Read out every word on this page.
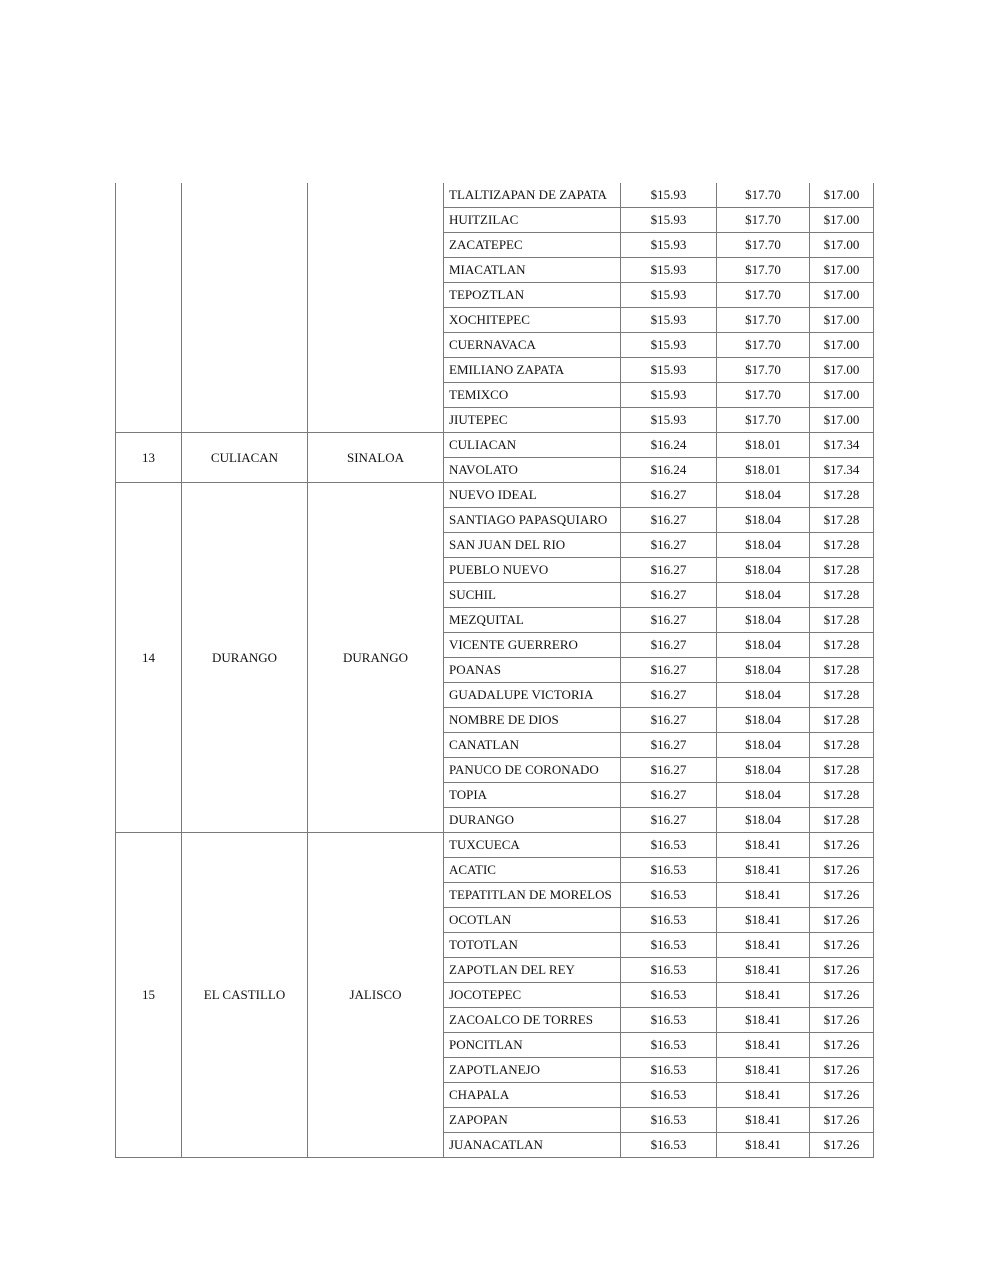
			TLALTIZAPAN DE ZAPATA	$15.93	$17.70	$17.00
			HUITZILAC	$15.93	$17.70	$17.00
			ZACATEPEC	$15.93	$17.70	$17.00
			MIACATLAN	$15.93	$17.70	$17.00
			TEPOZTLAN	$15.93	$17.70	$17.00
			XOCHITEPEC	$15.93	$17.70	$17.00
			CUERNAVACA	$15.93	$17.70	$17.00
			EMILIANO ZAPATA	$15.93	$17.70	$17.00
			TEMIXCO	$15.93	$17.70	$17.00
			JIUTEPEC	$15.93	$17.70	$17.00
13	CULIACAN	SINALOA	CULIACAN	$16.24	$18.01	$17.34
			NAVOLATO	$16.24	$18.01	$17.34
14	DURANGO	DURANGO	NUEVO IDEAL	$16.27	$18.04	$17.28
			SANTIAGO PAPASQUIARO	$16.27	$18.04	$17.28
			SAN JUAN DEL RIO	$16.27	$18.04	$17.28
			PUEBLO NUEVO	$16.27	$18.04	$17.28
			SUCHIL	$16.27	$18.04	$17.28
			MEZQUITAL	$16.27	$18.04	$17.28
			VICENTE GUERRERO	$16.27	$18.04	$17.28
			POANAS	$16.27	$18.04	$17.28
			GUADALUPE VICTORIA	$16.27	$18.04	$17.28
			NOMBRE DE DIOS	$16.27	$18.04	$17.28
			CANATLAN	$16.27	$18.04	$17.28
			PANUCO DE CORONADO	$16.27	$18.04	$17.28
			TOPIA	$16.27	$18.04	$17.28
			DURANGO	$16.27	$18.04	$17.28
15	EL CASTILLO	JALISCO	TUXCUECA	$16.53	$18.41	$17.26
			ACATIC	$16.53	$18.41	$17.26
			TEPATITLAN DE MORELOS	$16.53	$18.41	$17.26
			OCOTLAN	$16.53	$18.41	$17.26
			TOTOTLAN	$16.53	$18.41	$17.26
			ZAPOTLAN DEL REY	$16.53	$18.41	$17.26
			JOCOTEPEC	$16.53	$18.41	$17.26
			ZACOALCO DE TORRES	$16.53	$18.41	$17.26
			PONCITLAN	$16.53	$18.41	$17.26
			ZAPOTLANEJO	$16.53	$18.41	$17.26
			CHAPALA	$16.53	$18.41	$17.26
			ZAPOPAN	$16.53	$18.41	$17.26
			JUANACATLAN	$16.53	$18.41	$17.26
